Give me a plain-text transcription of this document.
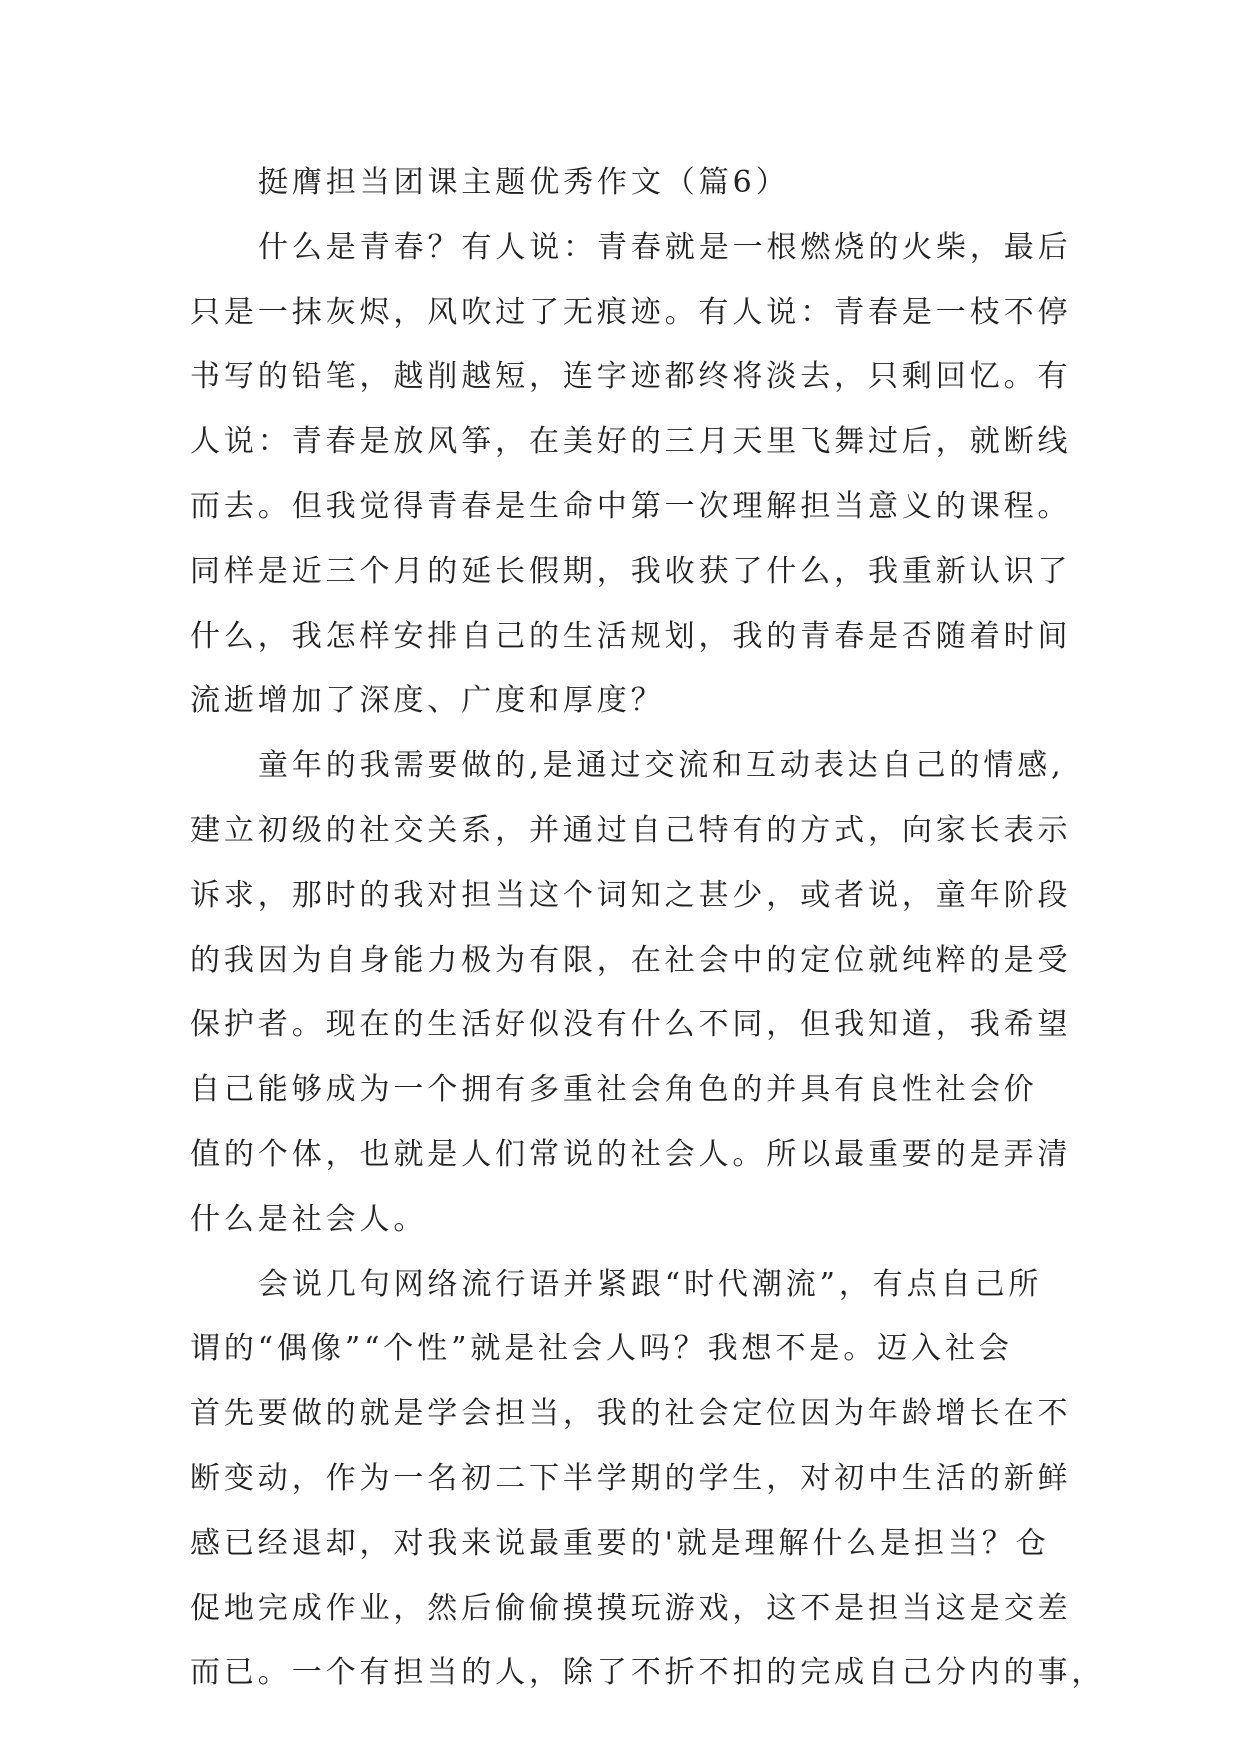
挺膺担当团课主题优秀作文（篇6）
什么是青春？有人说：青春就是一根燃烧的火柴，最后
只是一抹灰烬，风吹过了无痕迹。有人说：青春是一枝不停
书写的铅笔，越削越短，连字迹都终将淡去，只剩回忆。有
人说：青春是放风筝，在美好的三月天里飞舞过后，就断线
而去。但我觉得青春是生命中第一次理解担当意义的课程。
同样是近三个月的延长假期，我收获了什么，我重新认识了
什么，我怎样安排自己的生活规划，我的青春是否随着时间
流逝增加了深度、广度和厚度？
童年的我需要做的,是通过交流和互动表达自己的情感,
建立初级的社交关系，并通过自己特有的方式，向家长表示
诉求，那时的我对担当这个词知之甚少，或者说，童年阶段
的我因为自身能力极为有限，在社会中的定位就纯粹的是受
保护者。现在的生活好似没有什么不同，但我知道，我希望
自己能够成为一个拥有多重社会角色的并具有良性社会价
值的个体，也就是人们常说的社会人。所以最重要的是弄清
什么是社会人。
会说几句网络流行语并紧跟“时代潮流”，有点自己所
谓的“偶像”“个性”就是社会人吗？我想不是。迈入社会
首先要做的就是学会担当，我的社会定位因为年龄增长在不
断变动，作为一名初二下半学期的学生，对初中生活的新鲜
感已经退却，对我来说最重要的'就是理解什么是担当？仓
促地完成作业，然后偷偷摸摸玩游戏，这不是担当这是交差
而已。一个有担当的人，除了不折不扣的完成自己分内的事，
